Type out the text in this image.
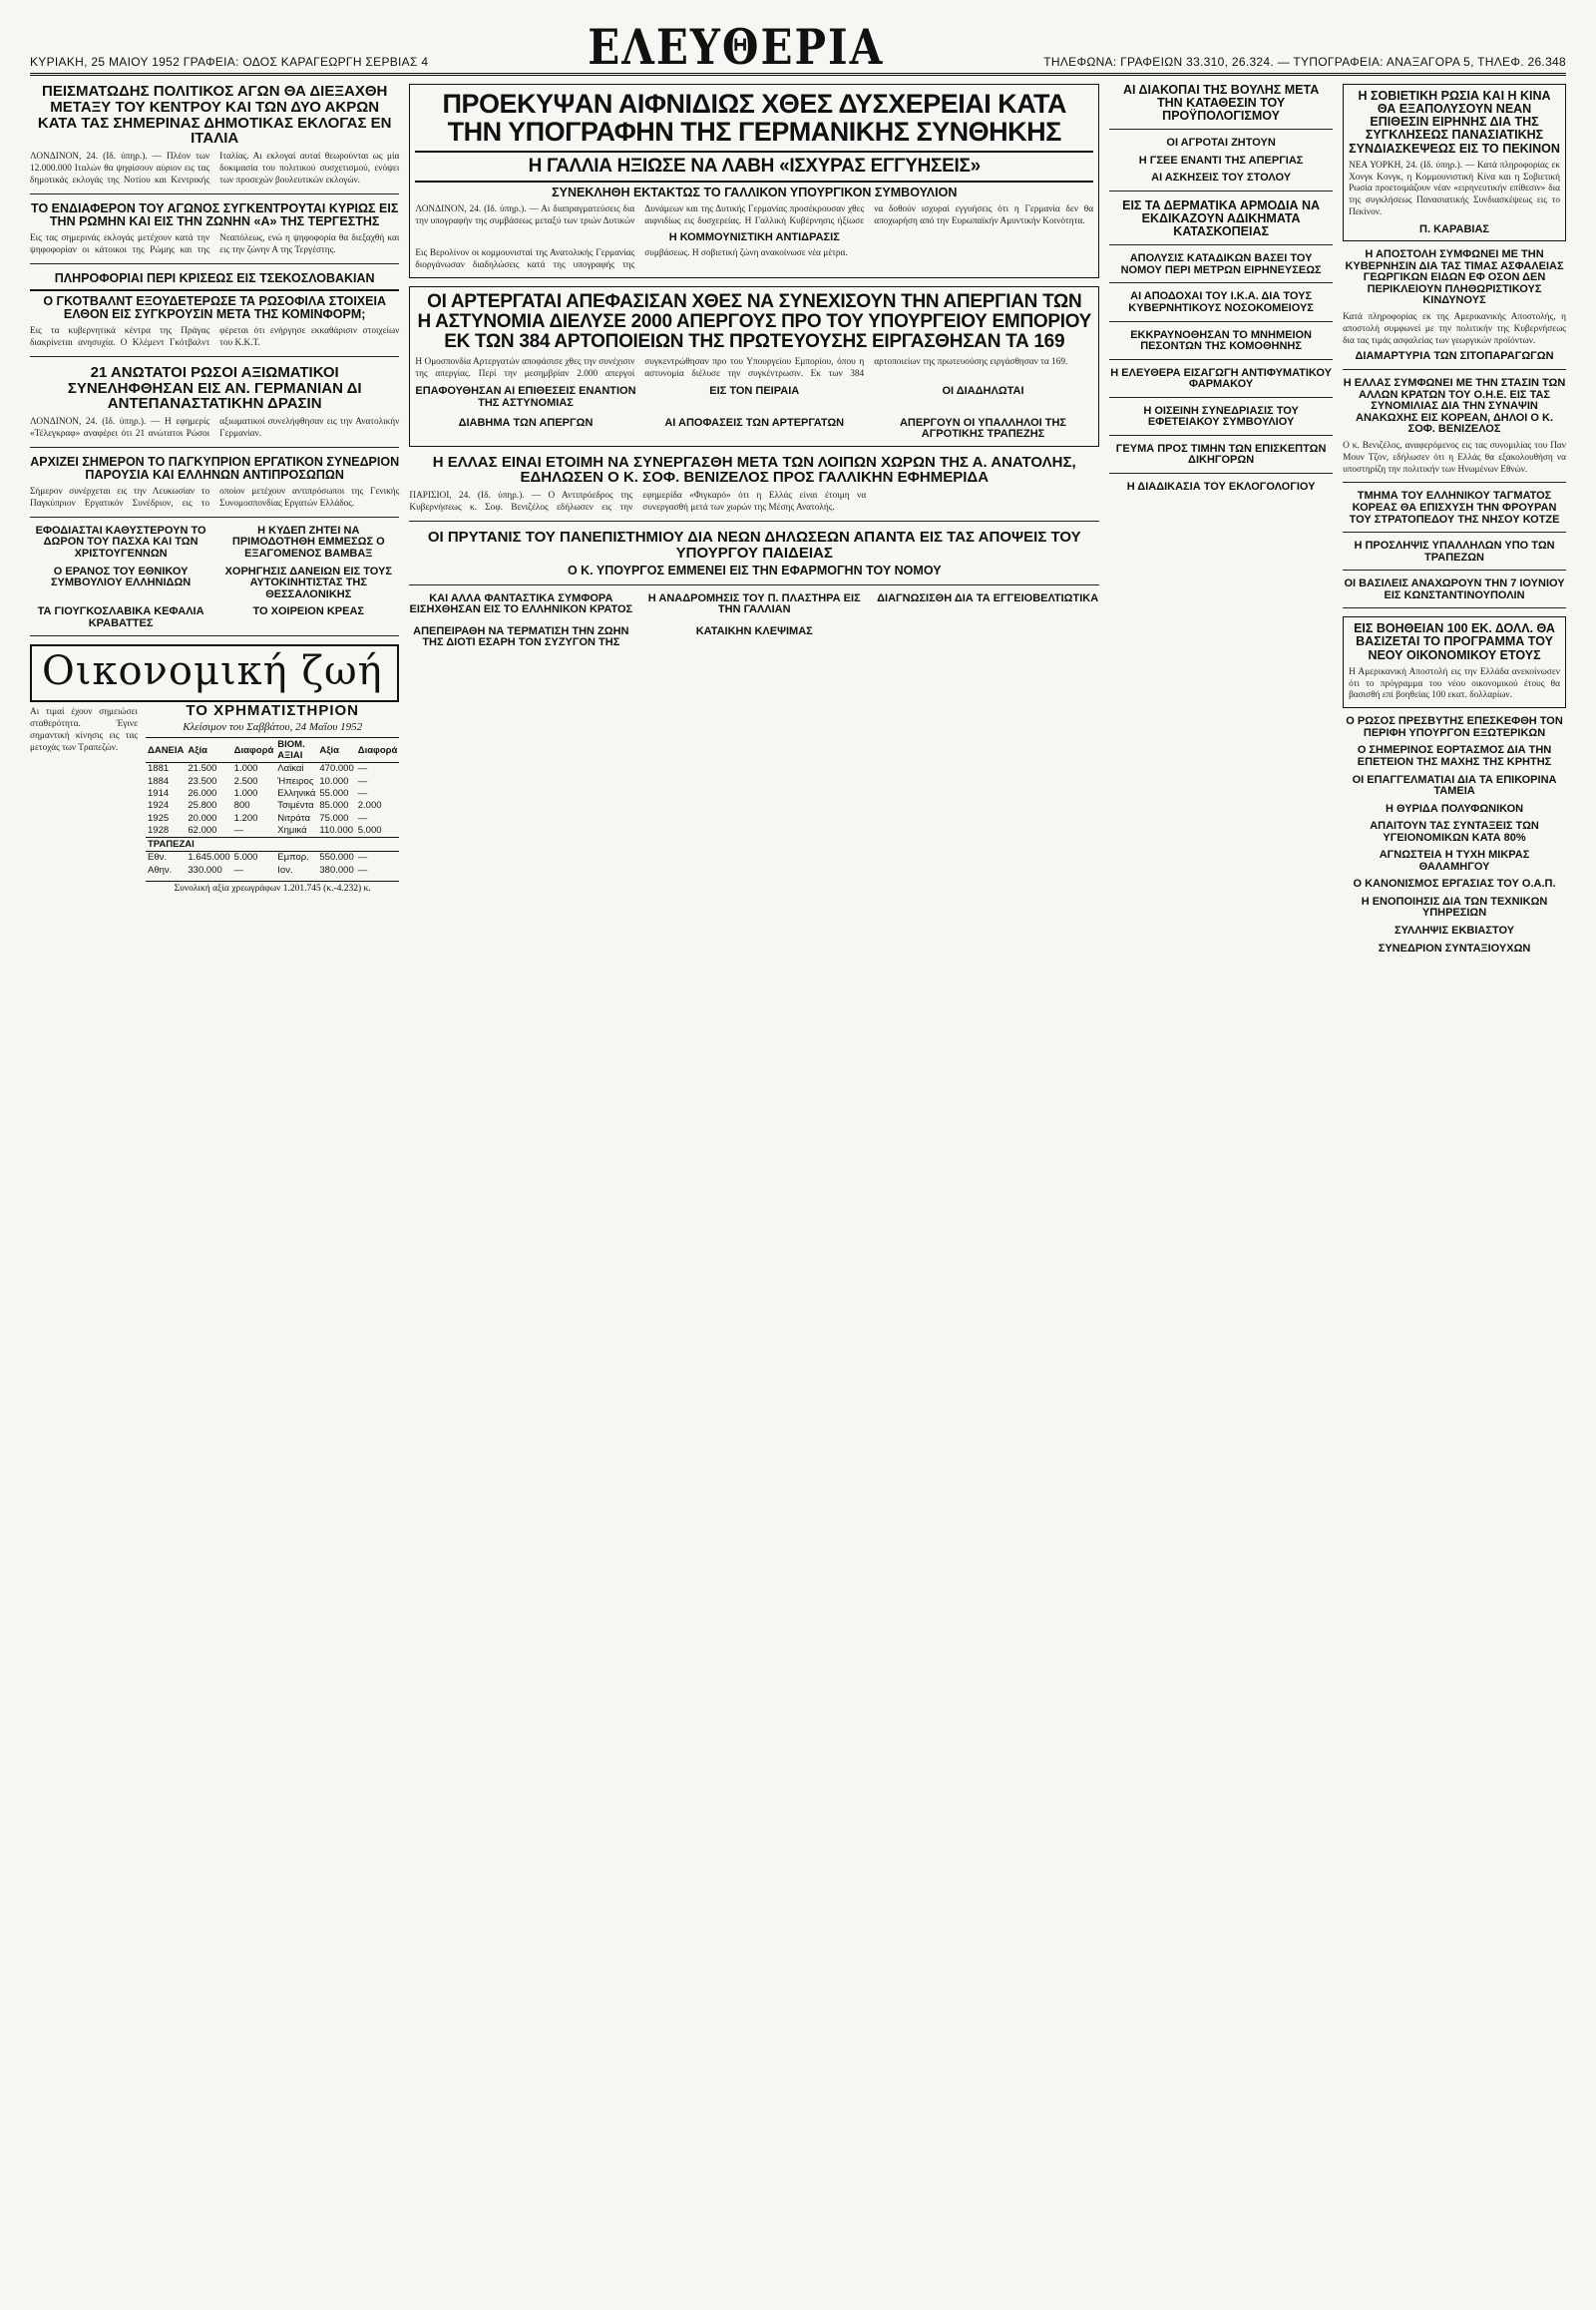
ΚΥΡΙΑΚΗ, 25 ΜΑΙΟΥ 1952 ΓΡΑΦΕΙΑ: ΟΔΟΣ ΚΑΡΑΓΕΩΡΓΗ ΣΕΡΒΙΑΣ 4	ΕΛΕΥΘΕΡΙΑ	ΤΗΛΕΦΩΝΑ: ΓΡΑΦΕΙΩΝ 33.310, 26.324. — ΤΥΠΟΓΡΑΦΕΙΑ: ΑΝΑΞΑΓΟΡΑ 5, ΤΗΛΕΦ. 26.348
ΠΕΙΣΜΑΤΩΔΗΣ ΠΟΛΙΤΙΚΟΣ ΑΓΩΝ ΘΑ ΔΙΕΞΑΧΘΗ ΜΕΤΑΞΥ ΤΟΥ ΚΕΝΤΡΟΥ ΚΑΙ ΤΩΝ ΔΥΟ ΑΚΡΩΝ ΚΑΤΑ ΤΑΣ ΣΗΜΕΡΙΝΑΣ ΔΗΜΟΤΙΚΑΣ ΕΚΛΟΓΑΣ ΕΝ ΙΤΑΛΙΑ
ΛΟΝΔΙΝΟΝ, 24. (Ιδ. ύπηρ.). — Πλέον των 12.000.000 Ιταλών θα ψηφίσουν αύριον εις τας δημοτικάς εκλογάς της Νοτίου και Κεντρικής Ιταλίας. Αι εκλογαί αυταί θεωρούνται ως μία δοκιμασία του πολιτικού συσχετισμού, ενόψει των προσεχών βουλευτικών εκλογών.
ΤΟ ΕΝΔΙΑΦΕΡΟΝ ΤΟΥ ΑΓΩΝΟΣ ΣΥΓΚΕΝΤΡΟΥΤΑΙ ΚΥΡΙΩΣ ΕΙΣ ΤΗΝ ΡΩΜΗΝ ΚΑΙ ΕΙΣ ΤΗΝ ΖΩΝΗΝ «Α» ΤΗΣ ΤΕΡΓΕΣΤΗΣ
Εις τας σημερινάς εκλογάς μετέχουν κατά την ψηφοφορίαν οι κάτοικοι της Ρώμης και της Νεαπόλεως, ενώ η ψηφοφορία θα διεξαχθή και εις την ζώνην Α της Τεργέστης.
ΠΛΗΡΟΦΟΡΙΑΙ ΠΕΡΙ ΚΡΙΣΕΩΣ ΕΙΣ ΤΣΕΚΟΣΛΟΒΑΚΙΑΝ
Ο ΓΚΟΤΒΑΛΝΤ ΕΞΟΥΔΕΤΕΡΩΣΕ ΤΑ ΡΩΣΟΦΙΛΑ ΣΤΟΙΧΕΙΑ ΕΛΘΟΝ ΕΙΣ ΣΥΓΚΡΟΥΣΙΝ ΜΕΤΑ ΤΗΣ ΚΟΜΙΝΦΟΡΜ;
Εις τα κυβερνητικά κέντρα της Πράγας διακρίνεται ανησυχία. Ο Κλέμεντ Γκότβαλντ φέρεται ότι ενήργησε εκκαθάρισιν στοιχείων του Κ.Κ.Τ.
21 ΑΝΩΤΑΤΟΙ ΡΩΣΟΙ ΑΞΙΩΜΑΤΙΚΟΙ ΣΥΝΕΛΗΦΘΗΣΑΝ ΕΙΣ ΑΝ. ΓΕΡΜΑΝΙΑΝ ΔΙ ΑΝΤΕΠΑΝΑΣΤΑΤΙΚΗΝ ΔΡΑΣΙΝ
ΛΟΝΔΙΝΟΝ, 24. (Ιδ. ύπηρ.). — Η εφημερίς «Τέλεγκραφ» αναφέρει ότι 21 ανώτατοι Ρώσοι αξιωματικοί συνελήφθησαν εις την Ανατολικήν Γερμανίαν.
ΑΡΧΙΖΕΙ ΣΗΜΕΡΟΝ ΤΟ ΠΑΓΚΥΠΡΙΟΝ ΕΡΓΑΤΙΚΟΝ ΣΥΝΕΔΡΙΟΝ ΠΑΡΟΥΣΙΑ ΚΑΙ ΕΛΛΗΝΩΝ ΑΝΤΙΠΡΟΣΩΠΩΝ
Σήμερον συνέρχεται εις την Λευκωσίαν το Παγκύπριον Εργατικόν Συνέδριον, εις το οποίον μετέχουν αντιπρόσωποι της Γενικής Συνομοσπονδίας Εργατών Ελλάδος.
ΕΦΟΔΙΑΣΤΑΙ ΚΑΘΥΣΤΕΡΟΥΝ ΤΟ ΔΩΡΟΝ ΤΟΥ ΠΑΣΧΑ ΚΑΙ ΤΩΝ ΧΡΙΣΤΟΥΓΕΝΝΩΝ
Η ΚΥΔΕΠ ΖΗΤΕΙ ΝΑ ΠΡΙΜΟΔΟΤΗΘΗ ΕΜΜΕΣΩΣ Ο ΕΞΑΓΟΜΕΝΟΣ ΒΑΜΒΑΞ
Ο ΕΡΑΝΟΣ ΤΟΥ ΕΘΝΙΚΟΥ ΣΥΜΒΟΥΛΙΟΥ ΕΛΛΗΝΙΔΩΝ
ΧΟΡΗΓΗΣΙΣ ΔΑΝΕΙΩΝ ΕΙΣ ΤΟΥΣ ΑΥΤΟΚΙΝΗΤΙΣΤΑΣ ΤΗΣ ΘΕΣΣΑΛΟΝΙΚΗΣ
ΤΑ ΓΙΟΥΓΚΟΣΛΑΒΙΚΑ ΚΕΦΑΛΙΑ ΚΡΑΒΑΤΤΕΣ
ΤΟ ΧΟΙΡΕΙΟΝ ΚΡΕΑΣ
Οικονομική ζωή
Αι τιμαί έχουν σημειώσει σταθερότητα. Έγινε σημαντική κίνησις εις τας μετοχάς των Τραπεζών.
ΤΟ ΧΡΗΜΑΤΙΣΤΗΡΙΟΝ
Κλείσιμον του Σαββάτου, 24 Μαΐου 1952
ΔΑΝΕΙΑ	Αξία	Διαφορά	ΒΙΟΜ. ΑΞΙΑΙ	Αξία	Διαφορά
1881	21.500	1.000	Λαϊκαί	470.000	—
1884	23.500	2.500	Ήπειρος	10.000	—
1914	26.000	1.000	Ελληνικά	55.000	—
1924	25.800	800	Τσιμέντα	85.000	2.000
1925	20.000	1.200	Νιτράτα	75.000	—
1928	62.000	—	Χημικά	110.000	5.000
ΤΡΑΠΕΖΑΙ					
Εθν.	1.645.000	5.000	Εμπορ.	550.000	—
Αθην.	330.000	—	Ιον.	380.000	—
Συνολική αξία χρεωγράφων 1.201.745 (κ.-4.232) κ.
ΠΡΟΕΚΥΨΑΝ ΑΙΦΝΙΔΙΩΣ ΧΘΕΣ ΔΥΣΧΕΡΕΙΑΙ ΚΑΤΑ ΤΗΝ ΥΠΟΓΡΑΦΗΝ ΤΗΣ ΓΕΡΜΑΝΙΚΗΣ ΣΥΝΘΗΚΗΣ
Η ΓΑΛΛΙΑ ΗΞΙΩΣΕ ΝΑ ΛΑΒΗ «ΙΣΧΥΡΑΣ ΕΓΓΥΗΣΕΙΣ»
ΣΥΝΕΚΛΗΘΗ ΕΚΤΑΚΤΩΣ ΤΟ ΓΑΛΛΙΚΟΝ ΥΠΟΥΡΓΙΚΟΝ ΣΥΜΒΟΥΛΙΟΝ
ΛΟΝΔΙΝΟΝ, 24. (Ιδ. ύπηρ.). — Αι διαπραγματεύσεις δια την υπογραφήν της συμβάσεως μεταξύ των τριών Δυτικών Δυνάμεων και της Δυτικής Γερμανίας προσέκρουσαν χθες αιφνιδίως εις δυσχερείας. Η Γαλλική Κυβέρνησις ήξίωσε να δοθούν ισχυραί εγγυήσεις ότι η Γερμανία δεν θα αποχωρήση από την Ευρωπαϊκήν Αμυντικήν Κοινότητα.
Η ΚΟΜΜΟΥΝΙΣΤΙΚΗ ΑΝΤΙΔΡΑΣΙΣ
Εις Βερολίνον οι κομμουνισταί της Ανατολικής Γερμανίας διοργάνωσαν διαδηλώσεις κατά της υπογραφής της συμβάσεως. Η σοβιετική ζώνη ανακοίνωσε νέα μέτρα.
ΟΙ ΑΡΤΕΡΓΑΤΑΙ ΑΠΕΦΑΣΙΣΑΝ ΧΘΕΣ ΝΑ ΣΥΝΕΧΙΣΟΥΝ ΤΗΝ ΑΠΕΡΓΙΑΝ ΤΩΝ
Η ΑΣΤΥΝΟΜΙΑ ΔΙΕΛΥΣΕ 2000 ΑΠΕΡΓΟΥΣ ΠΡΟ ΤΟΥ ΥΠΟΥΡΓΕΙΟΥ ΕΜΠΟΡΙΟΥ
ΕΚ ΤΩΝ 384 ΑΡΤΟΠΟΙΕΙΩΝ ΤΗΣ ΠΡΩΤΕΥΟΥΣΗΣ ΕΙΡΓΑΣΘΗΣΑΝ ΤΑ 169
Η Ομοσπονδία Αρτεργατών αποφάσισε χθες την συνέχισιν της απεργίας. Περί την μεσημβρίαν 2.000 απεργοί συγκεντρώθησαν προ του Υπουργείου Εμπορίου, όπου η αστυνομία διέλυσε την συγκέντρωσιν. Εκ των 384 αρτοποιείων της πρωτευούσης ειργάσθησαν τα 169.
ΕΠΑΦΟΥΘΗΣΑΝ ΑΙ ΕΠΙΘΕΣΕΙΣ ΕΝΑΝΤΙΟΝ ΤΗΣ ΑΣΤΥΝΟΜΙΑΣ
ΕΙΣ ΤΟΝ ΠΕΙΡΑΙΑ	ΟΙ ΔΙΑΔΗΛΩΤΑΙ
ΔΙΑΒΗΜΑ ΤΩΝ ΑΠΕΡΓΩΝ	ΑΙ ΑΠΟΦΑΣΕΙΣ ΤΩΝ ΑΡΤΕΡΓΑΤΩΝ	ΑΠΕΡΓΟΥΝ ΟΙ ΥΠΑΛΛΗΛΟΙ ΤΗΣ ΑΓΡΟΤΙΚΗΣ ΤΡΑΠΕΖΗΣ
Η ΕΛΛΑΣ ΕΙΝΑΙ ΕΤΟΙΜΗ ΝΑ ΣΥΝΕΡΓΑΣΘΗ ΜΕΤΑ ΤΩΝ ΛΟΙΠΩΝ ΧΩΡΩΝ ΤΗΣ Α. ΑΝΑΤΟΛΗΣ, ΕΔΗΛΩΣΕΝ Ο Κ. ΣΟΦ. ΒΕΝΙΖΕΛΟΣ ΠΡΟΣ ΓΑΛΛΙΚΗΝ ΕΦΗΜΕΡΙΔΑ
ΠΑΡΙΣΙΟΙ, 24. (Ιδ. ύπηρ.). — Ο Αντιπρόεδρος της Κυβερνήσεως κ. Σοφ. Βενιζέλος εδήλωσεν εις την εφημερίδα «Φιγκαρό» ότι η Ελλάς είναι έτοιμη να συνεργασθή μετά των χωρών της Μέσης Ανατολής.
ΟΙ ΠΡΥΤΑΝΙΣ ΤΟΥ ΠΑΝΕΠΙΣΤΗΜΙΟΥ ΔΙΑ ΝΕΩΝ ΔΗΛΩΣΕΩΝ ΑΠΑΝΤΑ ΕΙΣ ΤΑΣ ΑΠΟΨΕΙΣ ΤΟΥ ΥΠΟΥΡΓΟΥ ΠΑΙΔΕΙΑΣ
Ο Κ. ΥΠΟΥΡΓΟΣ ΕΜΜΕΝΕΙ ΕΙΣ ΤΗΝ ΕΦΑΡΜΟΓΗΝ ΤΟΥ ΝΟΜΟΥ
ΚΑΙ ΑΛΛΑ ΦΑΝΤΑΣΤΙΚΑ ΣΥΜΦΟΡΑ ΕΙΣΗΧΘΗΣΑΝ ΕΙΣ ΤΟ ΕΛΛΗΝΙΚΟΝ ΚΡΑΤΟΣ
Η ΑΝΑΔΡΟΜΗΣΙΣ ΤΟΥ Π. ΠΛΑΣΤΗΡΑ ΕΙΣ ΤΗΝ ΓΑΛΛΙΑΝ
ΔΙΑΓΝΩΣΙΣΘΗ ΔΙΑ ΤΑ ΕΓΓΕΙΟΒΕΛΤΙΩΤΙΚΑ
ΑΠΕΠΕΙΡΑΘΗ ΝΑ ΤΕΡΜΑΤΙΣΗ ΤΗΝ ΖΩΗΝ ΤΗΣ ΔΙΟΤΙ ΕΣΑΡΗ ΤΟΝ ΣΥΖΥΓΟΝ ΤΗΣ
ΚΑΤΑΙΚΗΝ ΚΛΕΨΙΜΑΣ
ΑΙ ΔΙΑΚΟΠΑΙ ΤΗΣ ΒΟΥΛΗΣ ΜΕΤΑ ΤΗΝ ΚΑΤΑΘΕΣΙΝ ΤΟΥ ΠΡΟΫΠΟΛΟΓΙΣΜΟΥ
ΟΙ ΑΓΡΟΤΑΙ ΖΗΤΟΥΝ
Η ΓΣΕΕ ΕΝΑΝΤΙ ΤΗΣ ΑΠΕΡΓΙΑΣ
ΑΙ ΑΣΚΗΣΕΙΣ ΤΟΥ ΣΤΟΛΟΥ
ΕΙΣ ΤΑ ΔΕΡΜΑΤΙΚΑ ΑΡΜΟΔΙΑ ΝΑ ΕΚΔΙΚΑΖΟΥΝ ΑΔΙΚΗΜΑΤΑ ΚΑΤΑΣΚΟΠΕΙΑΣ
ΑΠΟΛΥΣΙΣ ΚΑΤΑΔΙΚΩΝ ΒΑΣΕΙ ΤΟΥ ΝΟΜΟΥ ΠΕΡΙ ΜΕΤΡΩΝ ΕΙΡΗΝΕΥΣΕΩΣ
ΑΙ ΑΠΟΔΟΧΑΙ ΤΟΥ Ι.Κ.Α. ΔΙΑ ΤΟΥΣ ΚΥΒΕΡΝΗΤΙΚΟΥΣ ΝΟΣΟΚΟΜΕΙΟΥΣ
ΕΚΚΡΑΥΝΟΘΗΣΑΝ ΤΟ ΜΝΗΜΕΙΟΝ ΠΕΣΟΝΤΩΝ ΤΗΣ ΚΟΜΟΘΗΝΗΣ
Η ΕΛΕΥΘΕΡΑ ΕΙΣΑΓΩΓΗ ΑΝΤΙΦΥΜΑΤΙΚΟΥ ΦΑΡΜΑΚΟΥ
Η ΟΙΣΕΙΝΗ ΣΥΝΕΔΡΙΑΣΙΣ ΤΟΥ ΕΦΕΤΕΙΑΚΟΥ ΣΥΜΒΟΥΛΙΟΥ
ΓΕΥΜΑ ΠΡΟΣ ΤΙΜΗΝ ΤΩΝ ΕΠΙΣΚΕΠΤΩΝ ΔΙΚΗΓΟΡΩΝ
Η ΔΙΑΔΙΚΑΣΙΑ ΤΟΥ ΕΚΛΟΓΟΛΟΓΙΟΥ
Η ΣΟΒΙΕΤΙΚΗ ΡΩΣΙΑ ΚΑΙ Η ΚΙΝΑ ΘΑ ΕΞΑΠΟΛΥΣΟΥΝ ΝΕΑΝ ΕΠΙΘΕΣΙΝ ΕΙΡΗΝΗΣ ΔΙΑ ΤΗΣ ΣΥΓΚΛΗΣΕΩΣ ΠΑΝΑΣΙΑΤΙΚΗΣ ΣΥΝΔΙΑΣΚΕΨΕΩΣ ΕΙΣ ΤΟ ΠΕΚΙΝΟΝ
ΝΕΑ ΥΟΡΚΗ, 24. (Ιδ. ύπηρ.). — Κατά πληροφορίας εκ Χονγκ Κονγκ, η Κομμουνιστική Κίνα και η Σοβιετική Ρωσία προετοιμάζουν νέαν «ειρηνευτικήν επίθεσιν» δια της συγκλήσεως Πανασιατικής Συνδιασκέψεως εις το Πεκίνον.
Π. ΚΑΡΑΒΙΑΣ
Η ΑΠΟΣΤΟΛΗ ΣΥΜΦΩΝΕΙ ΜΕ ΤΗΝ ΚΥΒΕΡΝΗΣΙΝ ΔΙΑ ΤΑΣ ΤΙΜΑΣ ΑΣΦΑΛΕΙΑΣ ΓΕΩΡΓΙΚΩΝ ΕΙΔΩΝ ΕΦ ΟΣΟΝ ΔΕΝ ΠΕΡΙΚΛΕΙΟΥΝ ΠΛΗΘΩΡΙΣΤΙΚΟΥΣ ΚΙΝΔΥΝΟΥΣ
Κατά πληροφορίας εκ της Αμερικανικής Αποστολής, η αποστολή συμφωνεί με την πολιτικήν της Κυβερνήσεως δια τας τιμάς ασφαλείας των γεωργικών προϊόντων.
ΔΙΑΜΑΡΤΥΡΙΑ ΤΩΝ ΣΙΤΟΠΑΡΑΓΩΓΩΝ
Η ΕΛΛΑΣ ΣΥΜΦΩΝΕΙ ΜΕ ΤΗΝ ΣΤΑΣΙΝ ΤΩΝ ΑΛΛΩΝ ΚΡΑΤΩΝ ΤΟΥ Ο.Η.Ε. ΕΙΣ ΤΑΣ ΣΥΝΟΜΙΛΙΑΣ ΔΙΑ ΤΗΝ ΣΥΝΑΨΙΝ ΑΝΑΚΩΧΗΣ ΕΙΣ ΚΟΡΕΑΝ, ΔΗΛΟΙ Ο Κ. ΣΟΦ. ΒΕΝΙΖΕΛΟΣ
Ο κ. Βενιζέλος, αναφερόμενος εις τας συνομιλίας του Παν Μουν Τζον, εδήλωσεν ότι η Ελλάς θα εξακολουθήση να υποστηρίζη την πολιτικήν των Ηνωμένων Εθνών.
ΤΜΗΜΑ ΤΟΥ ΕΛΛΗΝΙΚΟΥ ΤΑΓΜΑΤΟΣ ΚΟΡΕΑΣ ΘΑ ΕΠΙΣΧΥΣΗ ΤΗΝ ΦΡΟΥΡΑΝ ΤΟΥ ΣΤΡΑΤΟΠΕΔΟΥ ΤΗΣ ΝΗΣΟΥ ΚΟΤΖΕ
Η ΠΡΟΣΛΗΨΙΣ ΥΠΑΛΛΗΛΩΝ ΥΠΟ ΤΩΝ ΤΡΑΠΕΖΩΝ
ΟΙ ΒΑΣΙΛΕΙΣ ΑΝΑΧΩΡΟΥΝ ΤΗΝ 7 ΙΟΥΝΙΟΥ ΕΙΣ ΚΩΝΣΤΑΝΤΙΝΟΥΠΟΛΙΝ
ΕΙΣ ΒΟΗΘΕΙΑΝ 100 ΕΚ. ΔΟΛΛ. ΘΑ ΒΑΣΙΖΕΤΑΙ ΤΟ ΠΡΟΓΡΑΜΜΑ ΤΟΥ ΝΕΟΥ ΟΙΚΟΝΟΜΙΚΟΥ ΕΤΟΥΣ
Η Αμερικανική Αποστολή εις την Ελλάδα ανεκοίνωσεν ότι το πρόγραμμα του νέου οικονομικού έτους θα βασισθή επί βοηθείας 100 εκατ. δολλαρίων.
Ο ΡΩΣΟΣ ΠΡΕΣΒΥΤΗΣ ΕΠΕΣΚΕΦΘΗ ΤΟΝ ΠΕΡΙΦΗ ΥΠΟΥΡΓΟΝ ΕΞΩΤΕΡΙΚΩΝ
Ο ΣΗΜΕΡΙΝΟΣ ΕΟΡΤΑΣΜΟΣ ΔΙΑ ΤΗΝ ΕΠΕΤΕΙΟΝ ΤΗΣ ΜΑΧΗΣ ΤΗΣ ΚΡΗΤΗΣ
ΟΙ ΕΠΑΓΓΕΛΜΑΤΙΑΙ ΔΙΑ ΤΑ ΕΠΙΚΟΡΙΝΑ ΤΑΜΕΙΑ
Η ΘΥΡΙΔΑ ΠΟΛΥΦΩΝΙΚΟΝ
ΑΠΑΙΤΟΥΝ ΤΑΣ ΣΥΝΤΑΞΕΙΣ ΤΩΝ ΥΓΕΙΟΝΟΜΙΚΩΝ ΚΑΤΑ 80%
ΑΓΝΩΣΤΕΙΑ Η ΤΥΧΗ ΜΙΚΡΑΣ ΘΑΛΑΜΗΓΟΥ
Ο ΚΑΝΟΝΙΣΜΟΣ ΕΡΓΑΣΙΑΣ ΤΟΥ Ο.Α.Π.
Η ΕΝΟΠΟΙΗΣΙΣ ΔΙΑ ΤΩΝ ΤΕΧΝΙΚΩΝ ΥΠΗΡΕΣΙΩΝ
ΣΥΛΛΗΨΙΣ ΕΚΒΙΑΣΤΟΥ
ΣΥΝΕΔΡΙΟΝ ΣΥΝΤΑΞΙΟΥΧΩΝ
